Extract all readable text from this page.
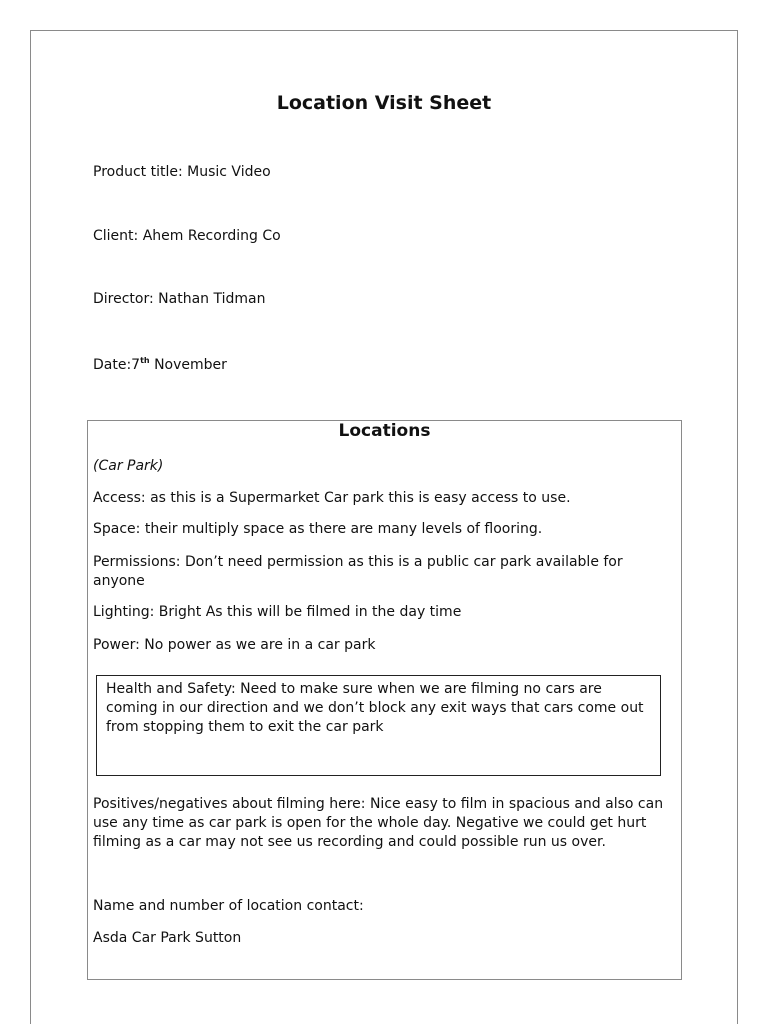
Location Visit Sheet

Product title: Music Video

Client: Ahem Recording Co

Director: Nathan Tidman

Date:7th November

Locations

(Car Park)

Access: as this is a Supermarket Car park this is easy access to use.

Space: their multiply space as there are many levels of flooring.

Permissions: Don’t need permission as this is a public car park available for anyone

Lighting: Bright As this will be filmed in the day time

Power: No power as we are in a car park

Health and Safety: Need to make sure when we are filming no cars are coming in our direction and we don’t block any exit ways that cars come out from stopping them to exit the car park

Positives/negatives about filming here: Nice easy to film in spacious and also can use any time as car park is open for the whole day. Negative we could get hurt filming as a car may not see us recording and could possible run us over.

Name and number of location contact:

Asda Car Park Sutton
